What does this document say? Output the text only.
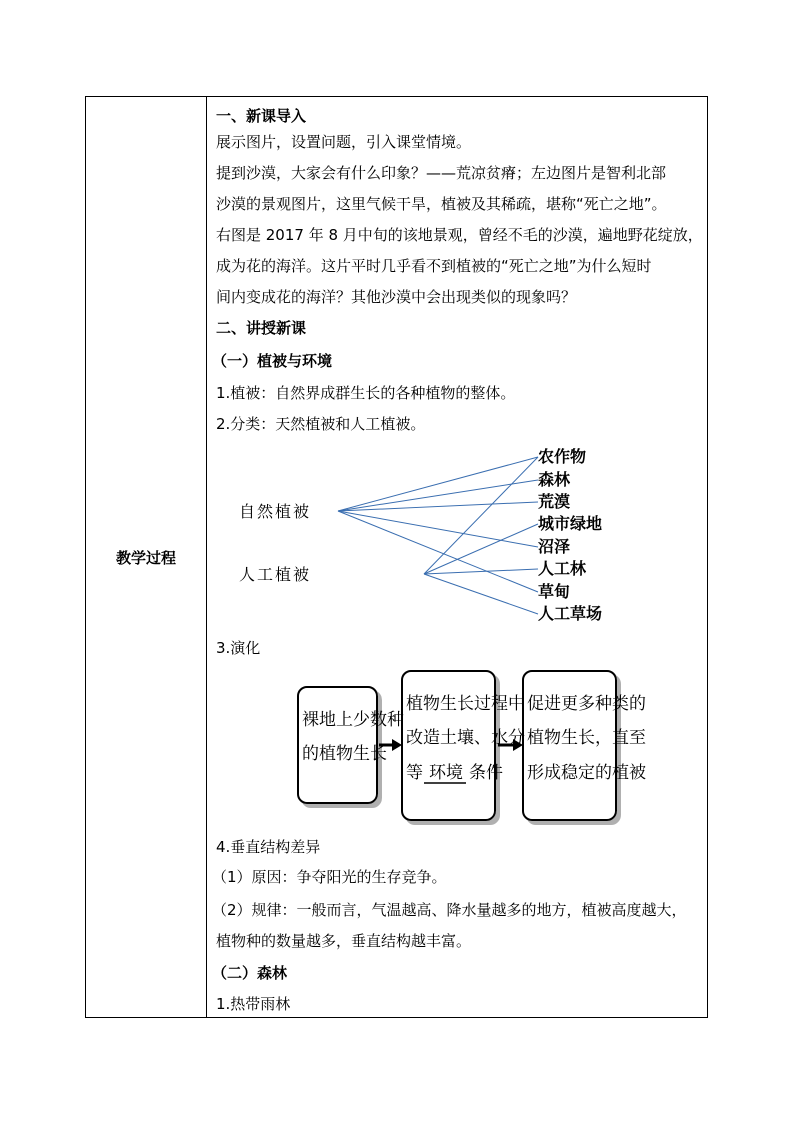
教学过程
一、新课导入
展示图片，设置问题，引入课堂情境。
提到沙漠，大家会有什么印象？——荒凉贫瘠；左边图片是智利北部
沙漠的景观图片，这里气候干旱，植被及其稀疏，堪称“死亡之地”。
右图是 2017 年 8 月中旬的该地景观，曾经不毛的沙漠，遍地野花绽放，
成为花的海洋。这片平时几乎看不到植被的“死亡之地”为什么短时
间内变成花的海洋？其他沙漠中会出现类似的现象吗？
二、讲授新课
（一）植被与环境
1.植被：自然界成群生长的各种植物的整体。
2.分类：天然植被和人工植被。
自然植被
人工植被
农作物
森林
荒漠
城市绿地
沼泽
人工林
草甸
人工草场
3.演化
裸地上少数种
的植物生长
植物生长过程中
改造土壤、水分
等 环境 条件
促进更多种类的
植物生长，直至
形成稳定的植被
4.垂直结构差异
（1）原因：争夺阳光的生存竞争。
（2）规律：一般而言，气温越高、降水量越多的地方，植被高度越大，
植物种的数量越多，垂直结构越丰富。
（二）森林
1.热带雨林
